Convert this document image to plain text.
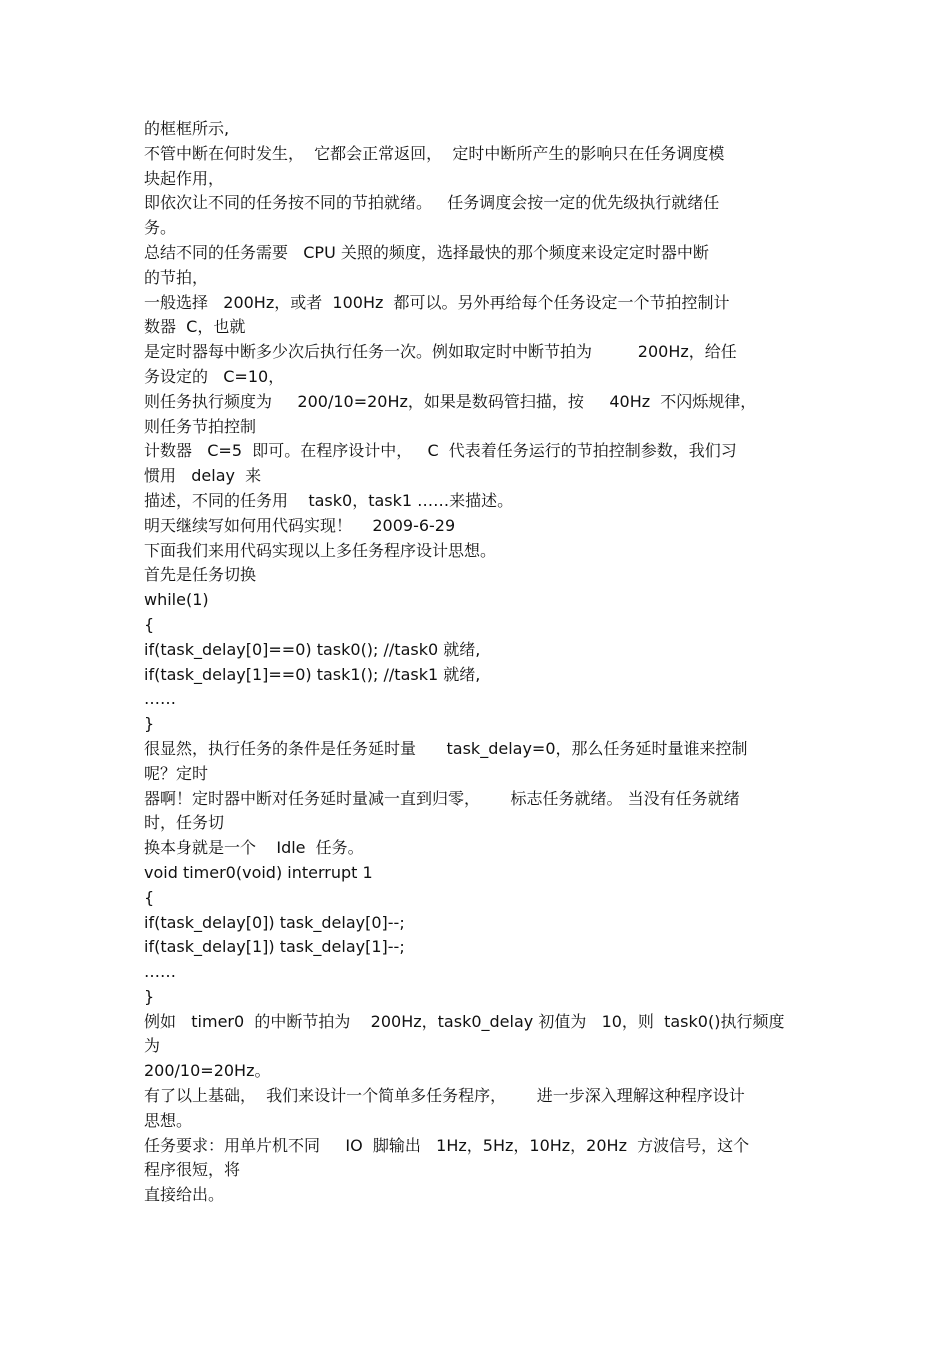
的框框所示,

不管中断在何时发生，  它都会正常返回，  定时中断所产生的影响只在任务调度模

块起作用，

即依次让不同的任务按不同的节拍就绪。   任务调度会按一定的优先级执行就绪任

务。

总结不同的任务需要   CPU 关照的频度，选择最快的那个频度来设定定时器中断

的节拍，

一般选择   200Hz，或者  100Hz  都可以。另外再给每个任务设定一个节拍控制计

数器  C，也就

是定时器每中断多少次后执行任务一次。例如取定时中断节拍为         200Hz，给任

务设定的   C=10，

则任务执行频度为     200/10=20Hz，如果是数码管扫描，按     40Hz  不闪烁规律，

则任务节拍控制

计数器   C=5  即可。在程序设计中，   C  代表着任务运行的节拍控制参数，我们习

惯用   delay  来

描述，不同的任务用    task0，task1 ……来描述。

明天继续写如何用代码实现！    2009-6-29

下面我们来用代码实现以上多任务程序设计思想。

首先是任务切换

while(1)

{

if(task_delay[0]==0) task0(); //task0 就绪,

if(task_delay[1]==0) task1(); //task1 就绪,

……

}

很显然，执行任务的条件是任务延时量      task_delay=0，那么任务延时量谁来控制

呢？定时

器啊！定时器中断对任务延时量减一直到归零，      标志任务就绪。 当没有任务就绪

时，任务切

换本身就是一个    Idle  任务。

void timer0(void) interrupt 1

{

if(task_delay[0]) task_delay[0]--;

if(task_delay[1]) task_delay[1]--;

……

}

例如   timer0  的中断节拍为    200Hz，task0_delay 初值为   10，则  task0()执行频度

为

200/10=20Hz。

有了以上基础，  我们来设计一个简单多任务程序，      进一步深入理解这种程序设计

思想。

任务要求：用单片机不同     IO  脚输出   1Hz，5Hz，10Hz，20Hz  方波信号，这个

程序很短，将

直接给出。
